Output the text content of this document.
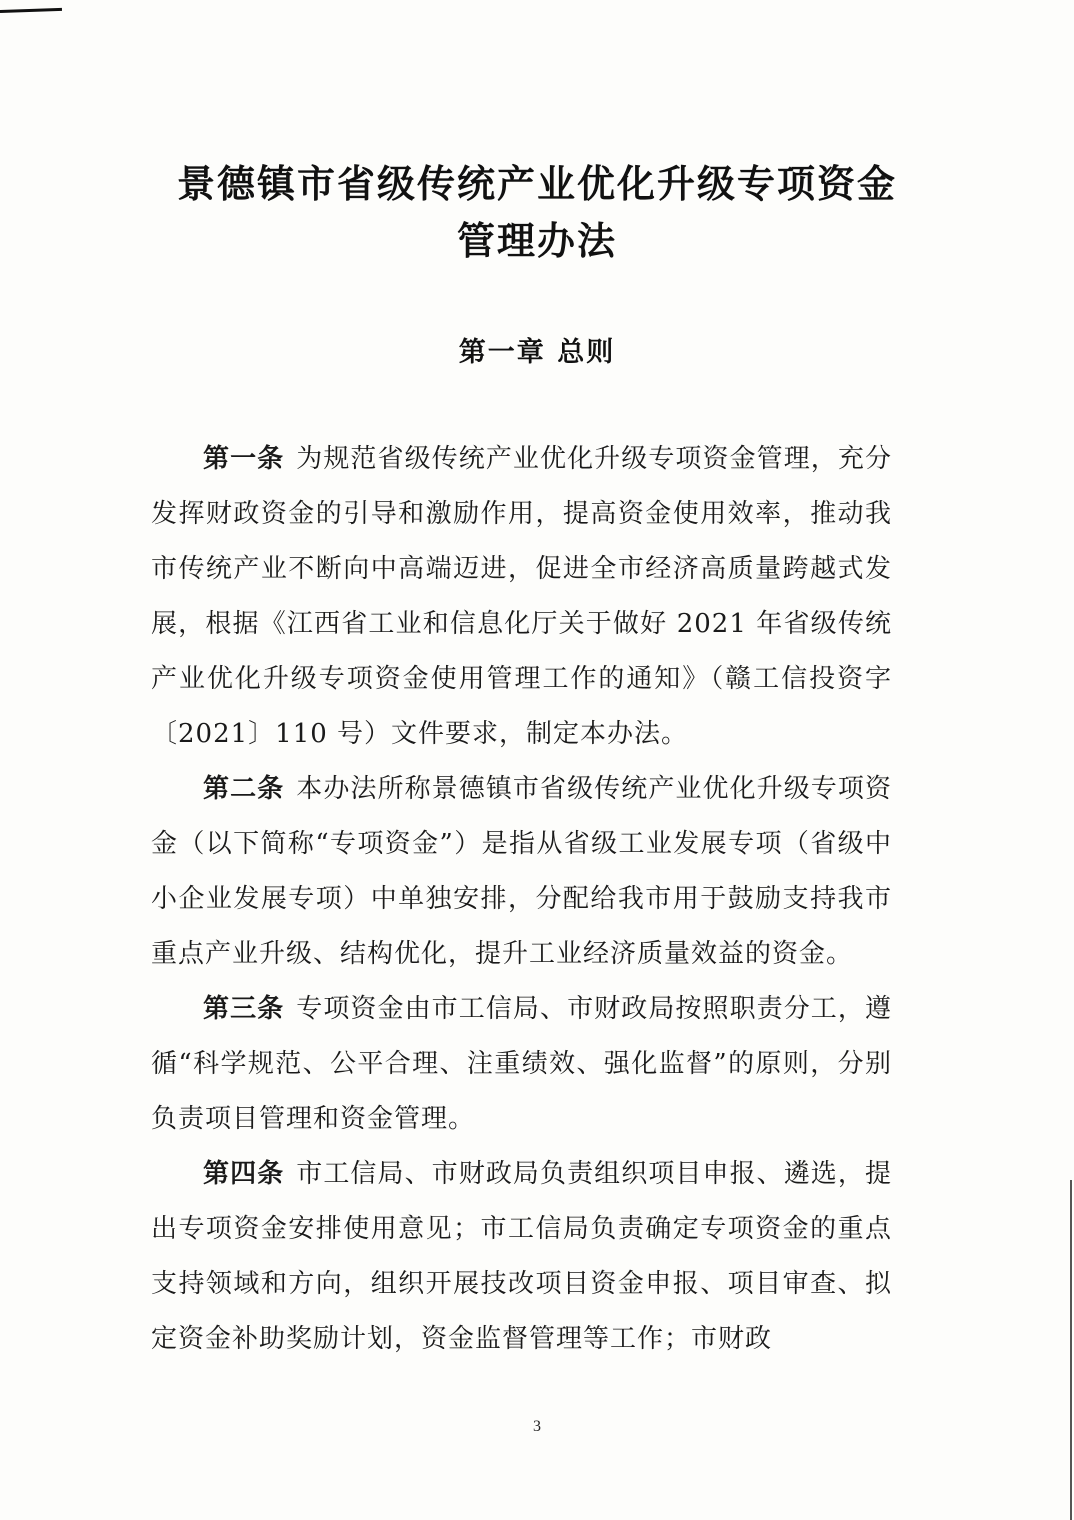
景德镇市省级传统产业优化升级专项资金
管理办法
第一章 总则

第一条 为规范省级传统产业优化升级专项资金管理，充分发挥财政资金的引导和激励作用，提高资金使用效率，推动我市传统产业不断向中高端迈进，促进全市经济高质量跨越式发展，根据《江西省工业和信息化厅关于做好 2021 年省级传统产业优化升级专项资金使用管理工作的通知》（赣工信投资字〔2021〕110 号）文件要求，制定本办法。

第二条 本办法所称景德镇市省级传统产业优化升级专项资金（以下简称“专项资金”）是指从省级工业发展专项（省级中小企业发展专项）中单独安排，分配给我市用于鼓励支持我市重点产业升级、结构优化，提升工业经济质量效益的资金。

第三条 专项资金由市工信局、市财政局按照职责分工，遵循“科学规范、公平合理、注重绩效、强化监督”的原则，分别负责项目管理和资金管理。

第四条 市工信局、市财政局负责组织项目申报、遴选，提出专项资金安排使用意见；市工信局负责确定专项资金的重点支持领域和方向，组织开展技改项目资金申报、项目审查、拟定资金补助奖励计划，资金监督管理等工作；市财政

3
